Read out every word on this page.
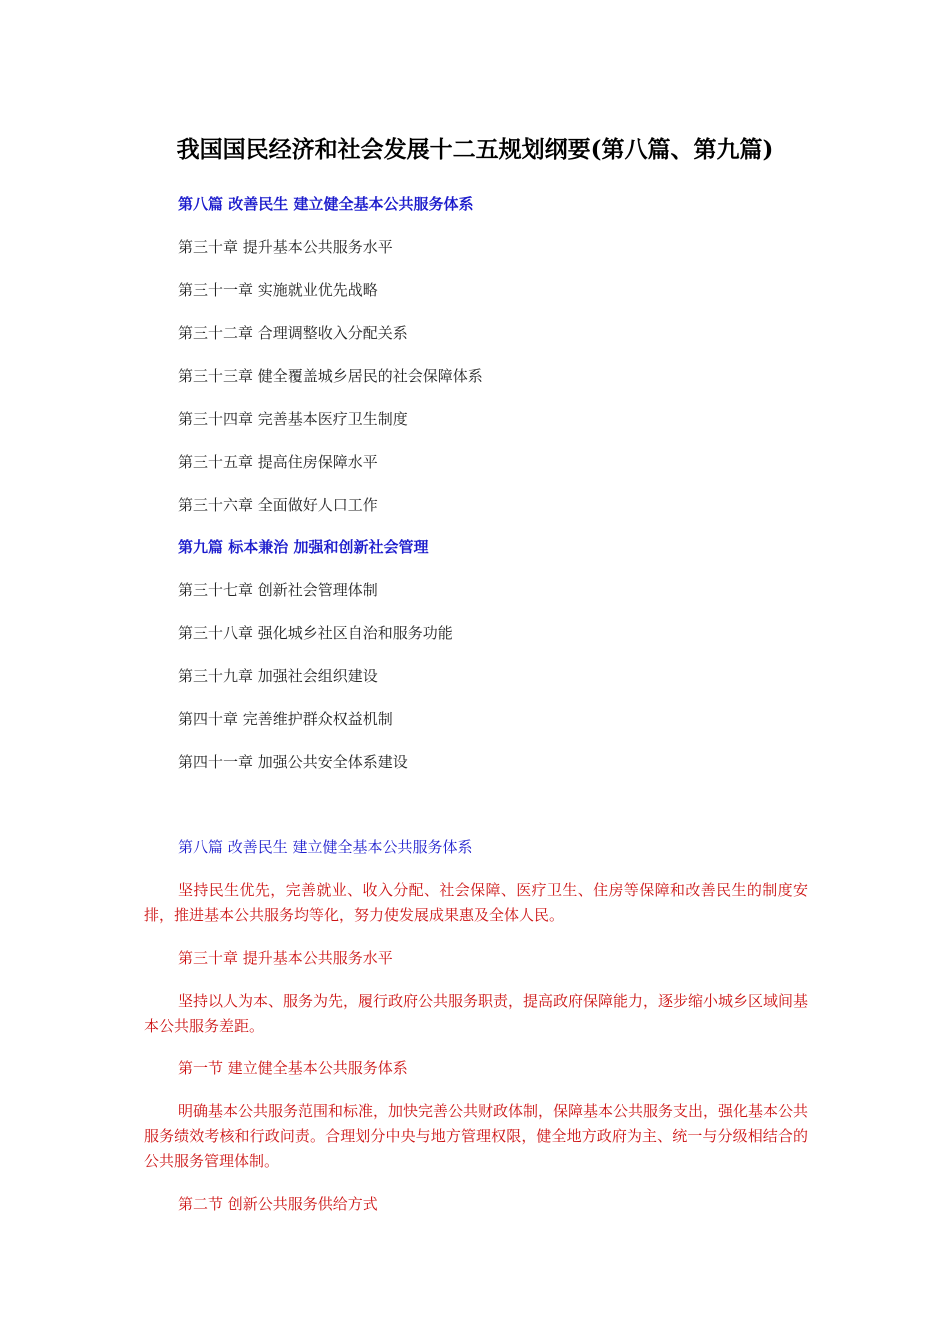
我国国民经济和社会发展十二五规划纲要(第八篇、第九篇)

第八篇 改善民生 建立健全基本公共服务体系

第三十章 提升基本公共服务水平

第三十一章 实施就业优先战略

第三十二章 合理调整收入分配关系

第三十三章 健全覆盖城乡居民的社会保障体系

第三十四章 完善基本医疗卫生制度

第三十五章 提高住房保障水平

第三十六章 全面做好人口工作

第九篇 标本兼治 加强和创新社会管理

第三十七章 创新社会管理体制

第三十八章 强化城乡社区自治和服务功能

第三十九章 加强社会组织建设

第四十章 完善维护群众权益机制

第四十一章 加强公共安全体系建设

第八篇 改善民生 建立健全基本公共服务体系

坚持民生优先，完善就业、收入分配、社会保障、医疗卫生、住房等保障和改善民生的制度安排，推进基本公共服务均等化，努力使发展成果惠及全体人民。

第三十章 提升基本公共服务水平

坚持以人为本、服务为先，履行政府公共服务职责，提高政府保障能力，逐步缩小城乡区域间基本公共服务差距。

第一节 建立健全基本公共服务体系

明确基本公共服务范围和标准，加快完善公共财政体制，保障基本公共服务支出，强化基本公共服务绩效考核和行政问责。合理划分中央与地方管理权限，健全地方政府为主、统一与分级相结合的公共服务管理体制。

第二节 创新公共服务供给方式
